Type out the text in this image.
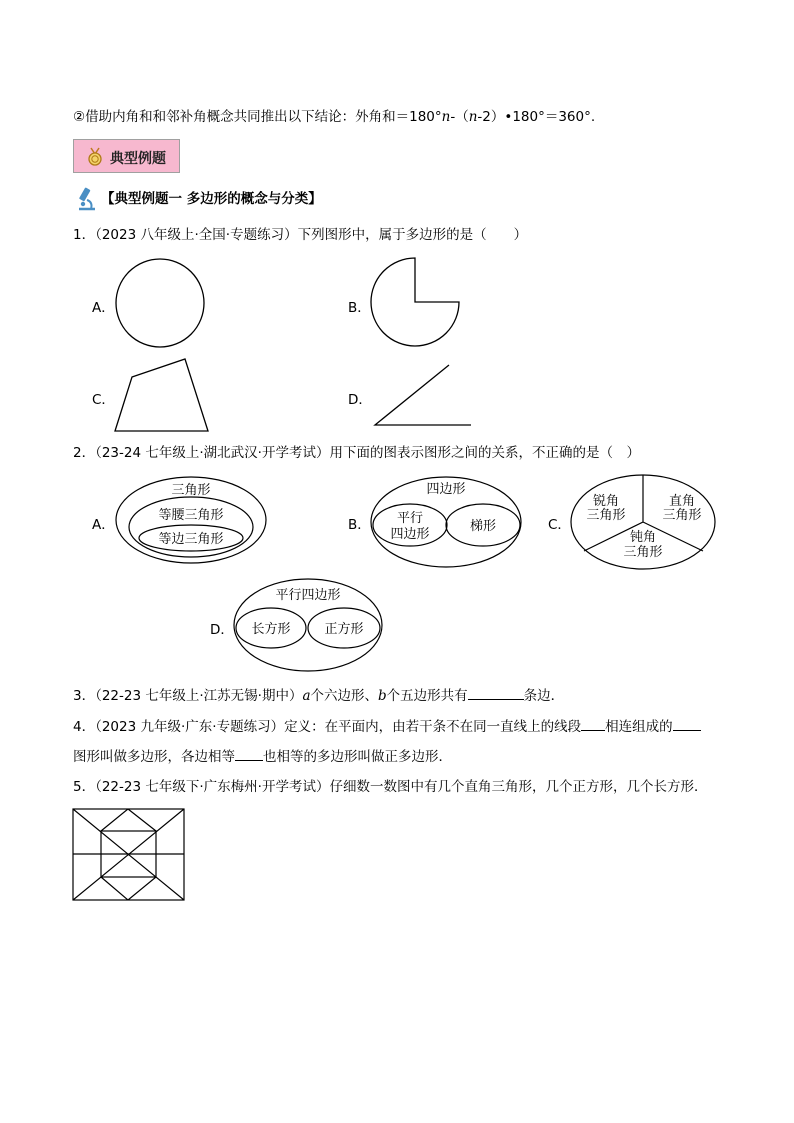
②借助内角和和邻补角概念共同推出以下结论：外角和＝180°n-（n-2）•180°＝360°.
典型例题
【典型例题一 多边形的概念与分类】
1．（2023 八年级上·全国·专题练习）下列图形中，属于多边形的是（　　）
A．	B．
C．	D．
2．（23-24 七年级上·湖北武汉·开学考试）用下面的图表示图形之间的关系，不正确的是（　）
A．
三角形
等腰三角形
等边三角形
B．
四边形
平行
四边形
梯形	C．
锐角
三角形
直角
三角形
钝角
三角形
D．
平行四边形
长方形	正方形
3．（22-23 七年级上·江苏无锡·期中）a个六边形、b个五边形共有	条边．
4．（2023 九年级·广东·专题练习）定义：在平面内，由若干条不在同一直线上的线段 相连组成的
图形叫做多边形，各边相等 也相等的多边形叫做正多边形．
5．（22-23 七年级下·广东梅州·开学考试）仔细数一数图中有几个直角三角形，几个正方形，几个长方形．
